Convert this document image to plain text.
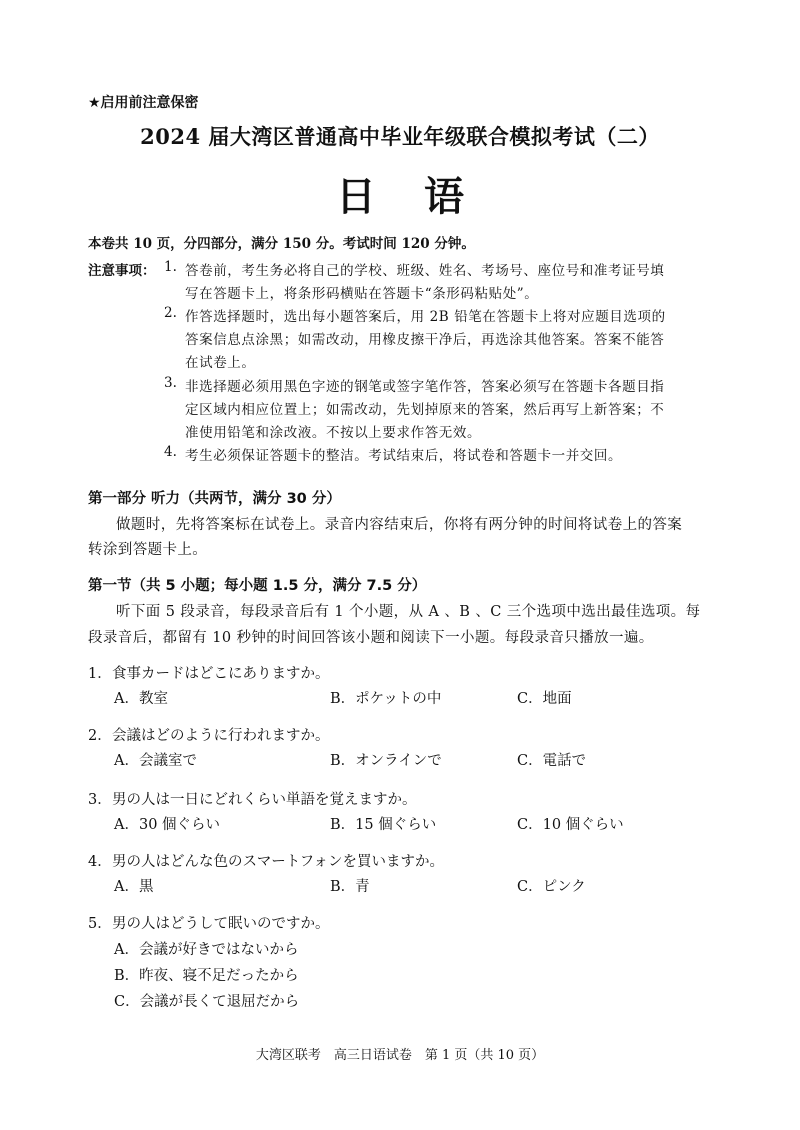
★启用前注意保密
2024 届大湾区普通高中毕业年级联合模拟考试（二）
日语
本卷共 10 页，分四部分，满分 150 分。考试时间 120 分钟。
注意事项： 1. 答卷前，考生务必将自己的学校、班级、姓名、考场号、座位号和准考证号填
写在答题卡上，将条形码横贴在答题卡“条形码粘贴处”。
2. 作答选择题时，选出每小题答案后，用 2B 铅笔在答题卡上将对应题目选项的
答案信息点涂黑；如需改动，用橡皮擦干净后，再选涂其他答案。答案不能答
在试卷上。
3. 非选择题必须用黑色字迹的钢笔或签字笔作答，答案必须写在答题卡各题目指
定区域内相应位置上；如需改动，先划掉原来的答案，然后再写上新答案；不
准使用铅笔和涂改液。不按以上要求作答无效。
4. 考生必须保证答题卡的整洁。考试结束后，将试卷和答题卡一并交回。
第一部分 听力（共两节，满分 30 分）
做题时，先将答案标在试卷上。录音内容结束后，你将有两分钟的时间将试卷上的答案
转涂到答题卡上。
第一节（共 5 小题；每小题 1.5 分，满分 7.5 分）
听下面 5 段录音，每段录音后有 1 个小题，从 A 、B 、C 三个选项中选出最佳选项。每
段录音后，都留有 10 秒钟的时间回答该小题和阅读下一小题。每段录音只播放一遍。
1． 食事カードはどこにありますか。
A．教室	B．ポケットの中	C．地面
2． 会議はどのように行われますか。
A．会議室で	B．オンラインで	C．電話で
3． 男の人は一日にどれくらい単語を覚えますか。
A．30 個ぐらい	B．15 個ぐらい	C．10 個ぐらい
4． 男の人はどんな色のスマートフォンを買いますか。
A．黒	B．青	C．ピンク
5． 男の人はどうして眠いのですか。
A．会議が好きではないから
B．昨夜、寝不足だったから
C．会議が長くて退屈だから
大湾区联考　高三日语试卷　第 1 页（共 10 页）
